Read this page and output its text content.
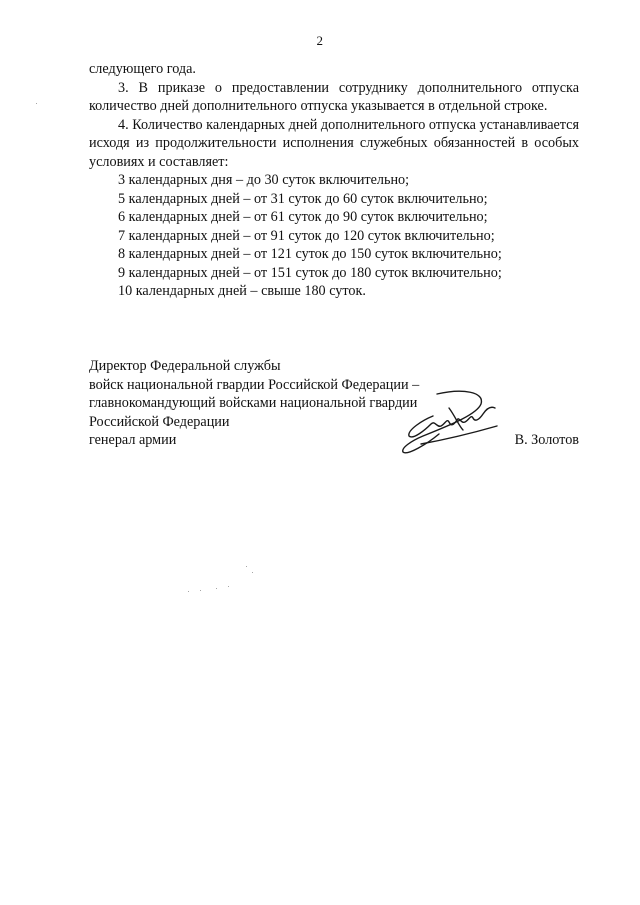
2

следующего года.

3. В приказе о предоставлении сотруднику дополнительного отпуска количество дней дополнительного отпуска указывается в отдельной строке.

4. Количество календарных дней дополнительного отпуска устанавливается исходя из продолжительности исполнения служебных обязанностей в особых условиях и составляет:

3 календарных дня – до 30 суток включительно;
5 календарных дней – от 31 суток до 60 суток включительно;
6 календарных дней – от 61 суток до 90 суток включительно;
7 календарных дней – от 91 суток до 120 суток включительно;
8 календарных дней – от 121 суток до 150 суток включительно;
9 календарных дней – от 151 суток до 180 суток включительно;
10 календарных дней – свыше 180 суток.
Директор Федеральной службы
войск национальной гвардии Российской Федерации –
главнокомандующий войсками национальной гвардии
Российской Федерации
генерал армии	В. Золотов
